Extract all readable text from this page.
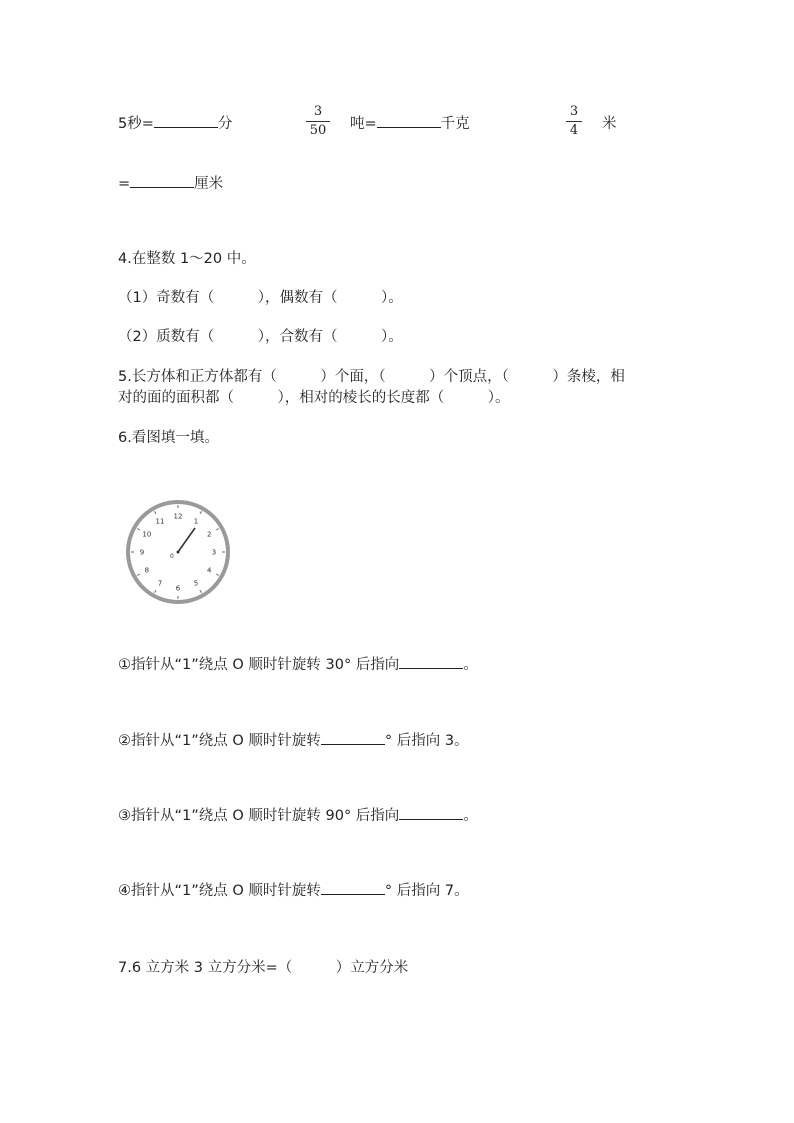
5秒=	分
3
50 吨=	千克
3
4 米
=	厘米
4.在整数 1～20 中。
（1）奇数有（　　　），偶数有（　　　）。
（2）质数有（　　　），合数有（　　　）。
5.长方体和正方体都有（　　　）个面，（　　　）个顶点，（　　　）条棱，相
对的面的面积都（　　　），相对的棱长的长度都（　　　）。
6.看图填一填。
12
1
2
3
4
5
6
7
8
9
10
11
0
①指针从“1”绕点 O 顺时针旋转 30° 后指向	。
②指针从“1”绕点 O 顺时针旋转	° 后指向 3。
③指针从“1”绕点 O 顺时针旋转 90° 后指向	。
④指针从“1”绕点 O 顺时针旋转	° 后指向 7。
7.6 立方米 3 立方分米=（　　　）立方分米
